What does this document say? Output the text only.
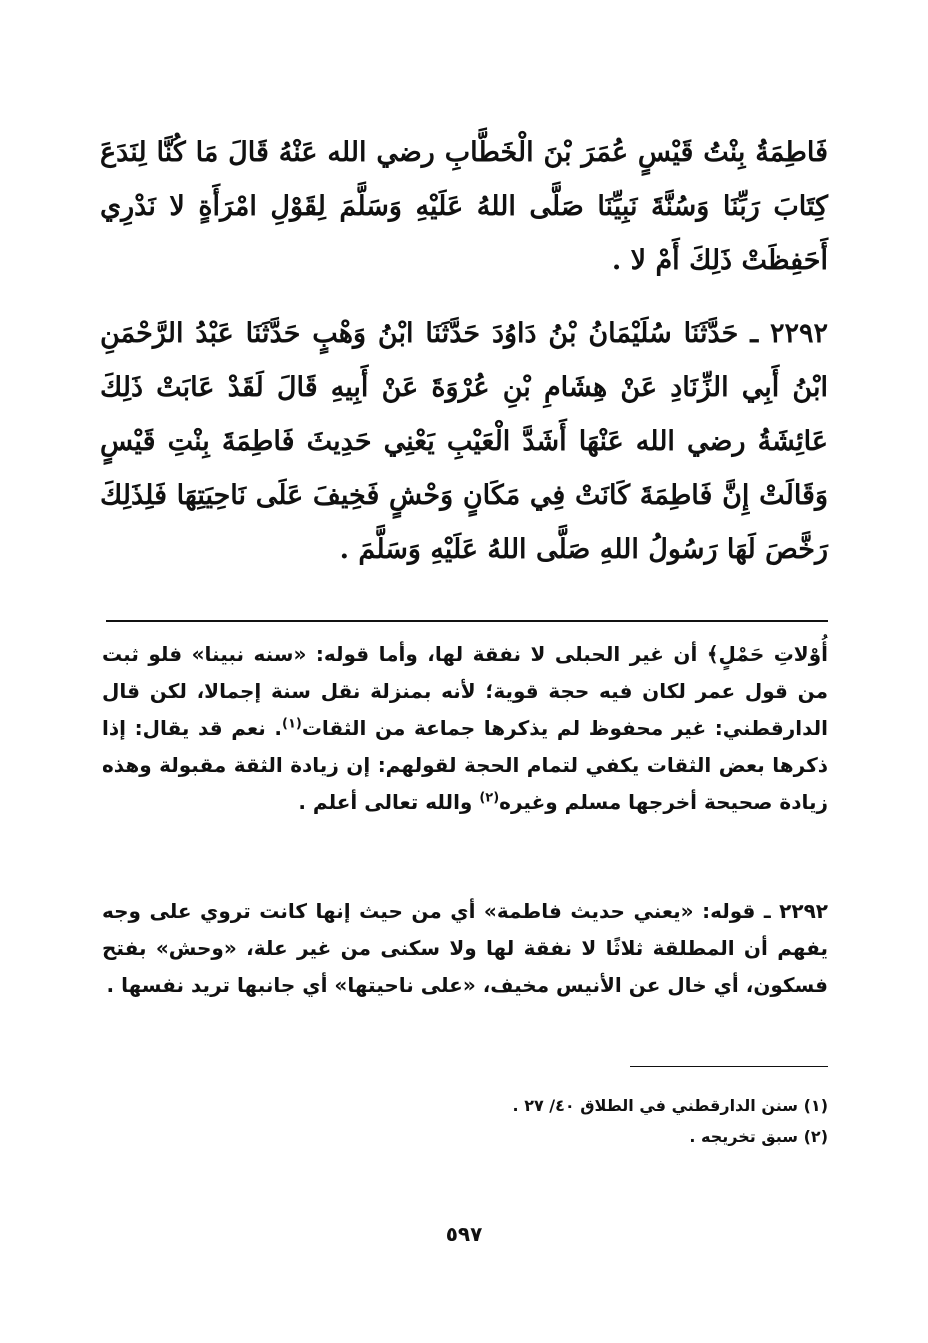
فَاطِمَةُ بِنْتُ قَيْسٍ عُمَرَ بْنَ الْخَطَّابِ رضي الله عَنْهُ قَالَ مَا كُنَّا لِنَدَعَ كِتَابَ رَبِّنَا وَسُنَّةَ نَبِيِّنَا صَلَّى اللهُ عَلَيْهِ وَسَلَّمَ لِقَوْلِ امْرَأَةٍ لا نَدْرِي أَحَفِظَتْ ذَلِكَ أَمْ لا .

٢٢٩٢ ـ حَدَّثَنَا سُلَيْمَانُ بْنُ دَاوُدَ حَدَّثَنَا ابْنُ وَهْبٍ حَدَّثَنَا عَبْدُ الرَّحْمَنِ ابْنُ أَبِي الزِّنَادِ عَنْ هِشَامِ بْنِ عُرْوَةَ عَنْ أَبِيهِ قَالَ لَقَدْ عَابَتْ ذَلِكَ عَائِشَةُ رضي الله عَنْهَا أَشَدَّ الْعَيْبِ يَعْنِي حَدِيثَ فَاطِمَةَ بِنْتِ قَيْسٍ وَقَالَتْ إِنَّ فَاطِمَةَ كَانَتْ فِي مَكَانٍ وَحْشٍ فَخِيفَ عَلَى نَاحِيَتِهَا فَلِذَلِكَ رَخَّصَ لَهَا رَسُولُ اللهِ صَلَّى اللهُ عَلَيْهِ وَسَلَّمَ .

أُوْلاتِ حَمْلٍ﴾ أن غير الحبلى لا نفقة لها، وأما قوله: «سنه نبينا» فلو ثبت من قول عمر لكان فيه حجة قوية؛ لأنه بمنزلة نقل سنة إجمالا، لكن قال الدارقطني: غير محفوظ لم يذكرها جماعة من الثقات$^{(١)}$. نعم قد يقال: إذا ذكرها بعض الثقات يكفي لتمام الحجة لقولهم: إن زيادة الثقة مقبولة وهذه زيادة صحيحة أخرجها مسلم وغيره$^{(٢)}$ والله تعالى أعلم .

٢٢٩٢ ـ قوله: «يعني حديث فاطمة» أي من حيث إنها كانت تروي على وجه يفهم أن المطلقة ثلاثًا لا نفقة لها ولا سكنى من غير علة، «وحش» بفتح فسكون، أي خال عن الأنيس مخيف، «على ناحيتها» أي جانبها تريد نفسها .

(١) سنن الدارقطني في الطلاق ٤٠/ ٢٧ .
(٢) سبق تخريجه .
٥٩٧
